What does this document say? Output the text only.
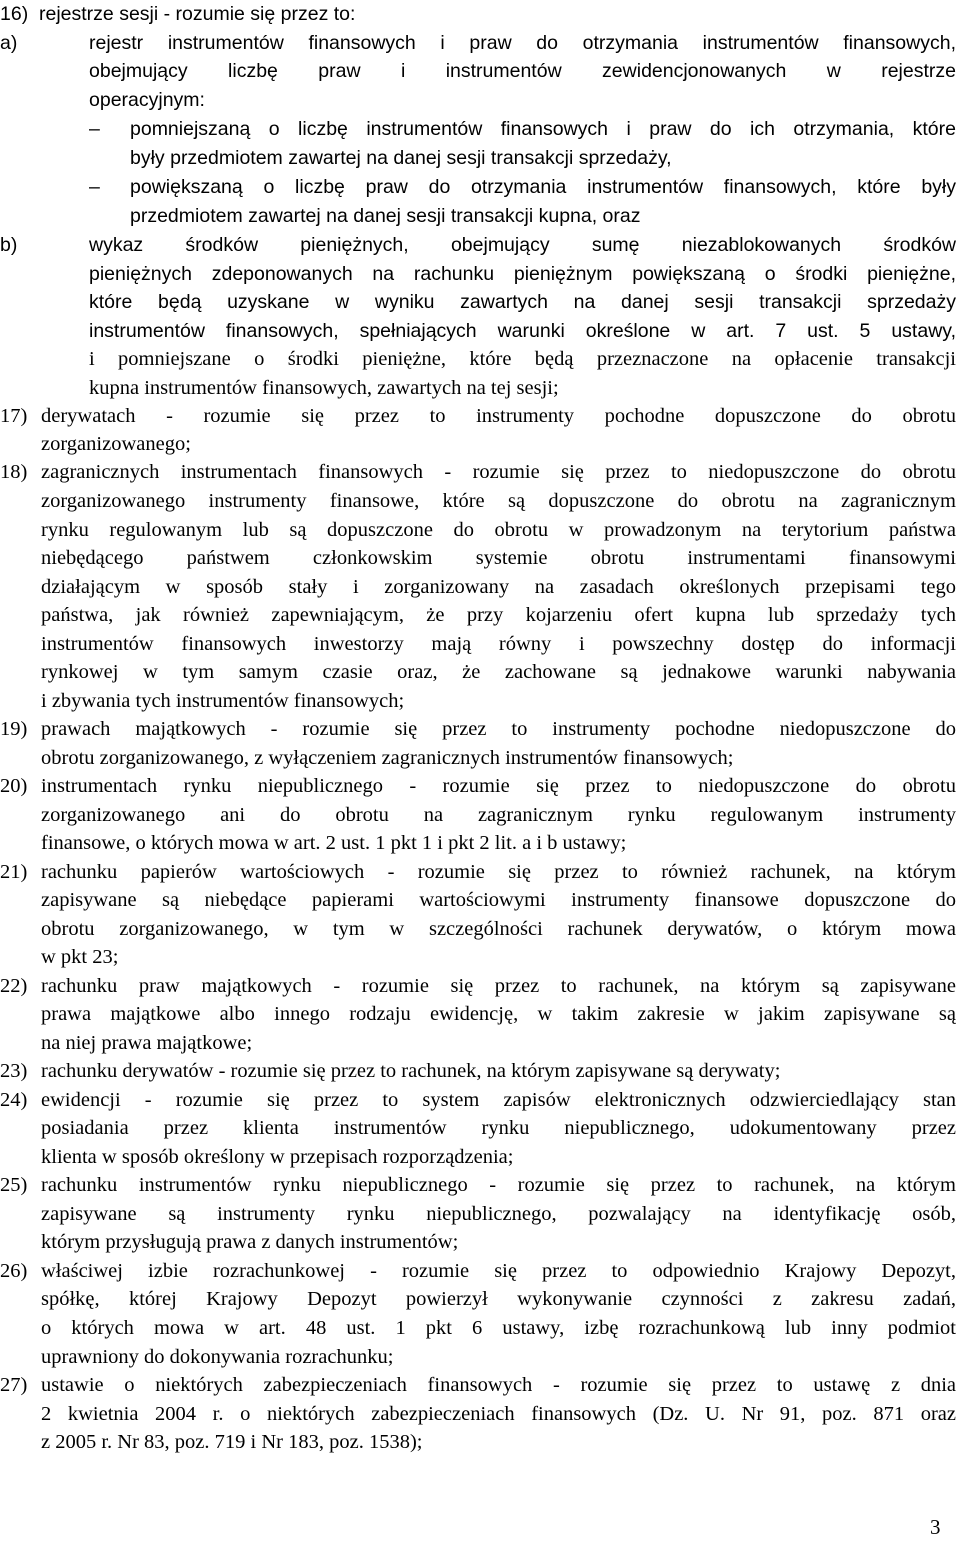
16) rejestrze sesji - rozumie się przez to:
a)	rejestr instrumentów finansowych i praw do otrzymania instrumentów finansowych,
obejmujący liczbę praw i instrumentów zewidencjonowanych w rejestrze
operacyjnym:
– pomniejszaną o liczbę instrumentów finansowych i praw do ich otrzymania, które
były przedmiotem zawartej na danej sesji transakcji sprzedaży,
– powiększaną o liczbę praw do otrzymania instrumentów finansowych, które były
przedmiotem zawartej na danej sesji transakcji kupna, oraz
b)	wykaz środków pieniężnych, obejmujący sumę niezablokowanych środków
pieniężnych zdeponowanych na rachunku pieniężnym powiększaną o środki pieniężne,
które będą uzyskane w wyniku zawartych na danej sesji transakcji sprzedaży
instrumentów finansowych, spełniających warunki określone w art. 7 ust. 5 ustawy,
i pomniejszane o środki pieniężne, które będą przeznaczone na opłacenie transakcji
kupna instrumentów finansowych, zawartych na tej sesji;
17) derywatach - rozumie się przez to instrumenty pochodne dopuszczone do obrotu
zorganizowanego;
18) zagranicznych instrumentach finansowych - rozumie się przez to niedopuszczone do obrotu
zorganizowanego instrumenty finansowe, które są dopuszczone do obrotu na zagranicznym
rynku regulowanym lub są dopuszczone do obrotu w prowadzonym na terytorium państwa
niebędącego państwem członkowskim systemie obrotu instrumentami finansowymi
działającym w sposób stały i zorganizowany na zasadach określonych przepisami tego
państwa, jak również zapewniającym, że przy kojarzeniu ofert kupna lub sprzedaży tych
instrumentów finansowych inwestorzy mają równy i powszechny dostęp do informacji
rynkowej w tym samym czasie oraz, że zachowane są jednakowe warunki nabywania
i zbywania tych instrumentów finansowych;
19) prawach majątkowych - rozumie się przez to instrumenty pochodne niedopuszczone do
obrotu zorganizowanego, z wyłączeniem zagranicznych instrumentów finansowych;
20) instrumentach rynku niepublicznego - rozumie się przez to niedopuszczone do obrotu
zorganizowanego ani do obrotu na zagranicznym rynku regulowanym instrumenty
finansowe, o których mowa w art. 2 ust. 1 pkt 1 i pkt 2 lit. a i b ustawy;
21) rachunku papierów wartościowych - rozumie się przez to również rachunek, na którym
zapisywane są niebędące papierami wartościowymi instrumenty finansowe dopuszczone do
obrotu zorganizowanego, w tym w szczególności rachunek derywatów, o którym mowa
w pkt 23;
22) rachunku praw majątkowych - rozumie się przez to rachunek, na którym są zapisywane
prawa majątkowe albo innego rodzaju ewidencję, w takim zakresie w jakim zapisywane są
na niej prawa majątkowe;
23) rachunku derywatów - rozumie się przez to rachunek, na którym zapisywane są derywaty;
24) ewidencji - rozumie się przez to system zapisów elektronicznych odzwierciedlający stan
posiadania przez klienta instrumentów rynku niepublicznego, udokumentowany przez
klienta w sposób określony w przepisach rozporządzenia;
25) rachunku instrumentów rynku niepublicznego - rozumie się przez to rachunek, na którym
zapisywane są instrumenty rynku niepublicznego, pozwalający na identyfikację osób,
którym przysługują prawa z danych instrumentów;
26) właściwej izbie rozrachunkowej - rozumie się przez to odpowiednio Krajowy Depozyt,
spółkę, której Krajowy Depozyt powierzył wykonywanie czynności z zakresu zadań,
o których mowa w art. 48 ust. 1 pkt 6 ustawy, izbę rozrachunkową lub inny podmiot
uprawniony do dokonywania rozrachunku;
27) ustawie o niektórych zabezpieczeniach finansowych - rozumie się przez to ustawę z dnia
2 kwietnia 2004 r. o niektórych zabezpieczeniach finansowych (Dz. U. Nr 91, poz. 871 oraz
z 2005 r. Nr 83, poz. 719 i Nr 183, poz. 1538);
3
